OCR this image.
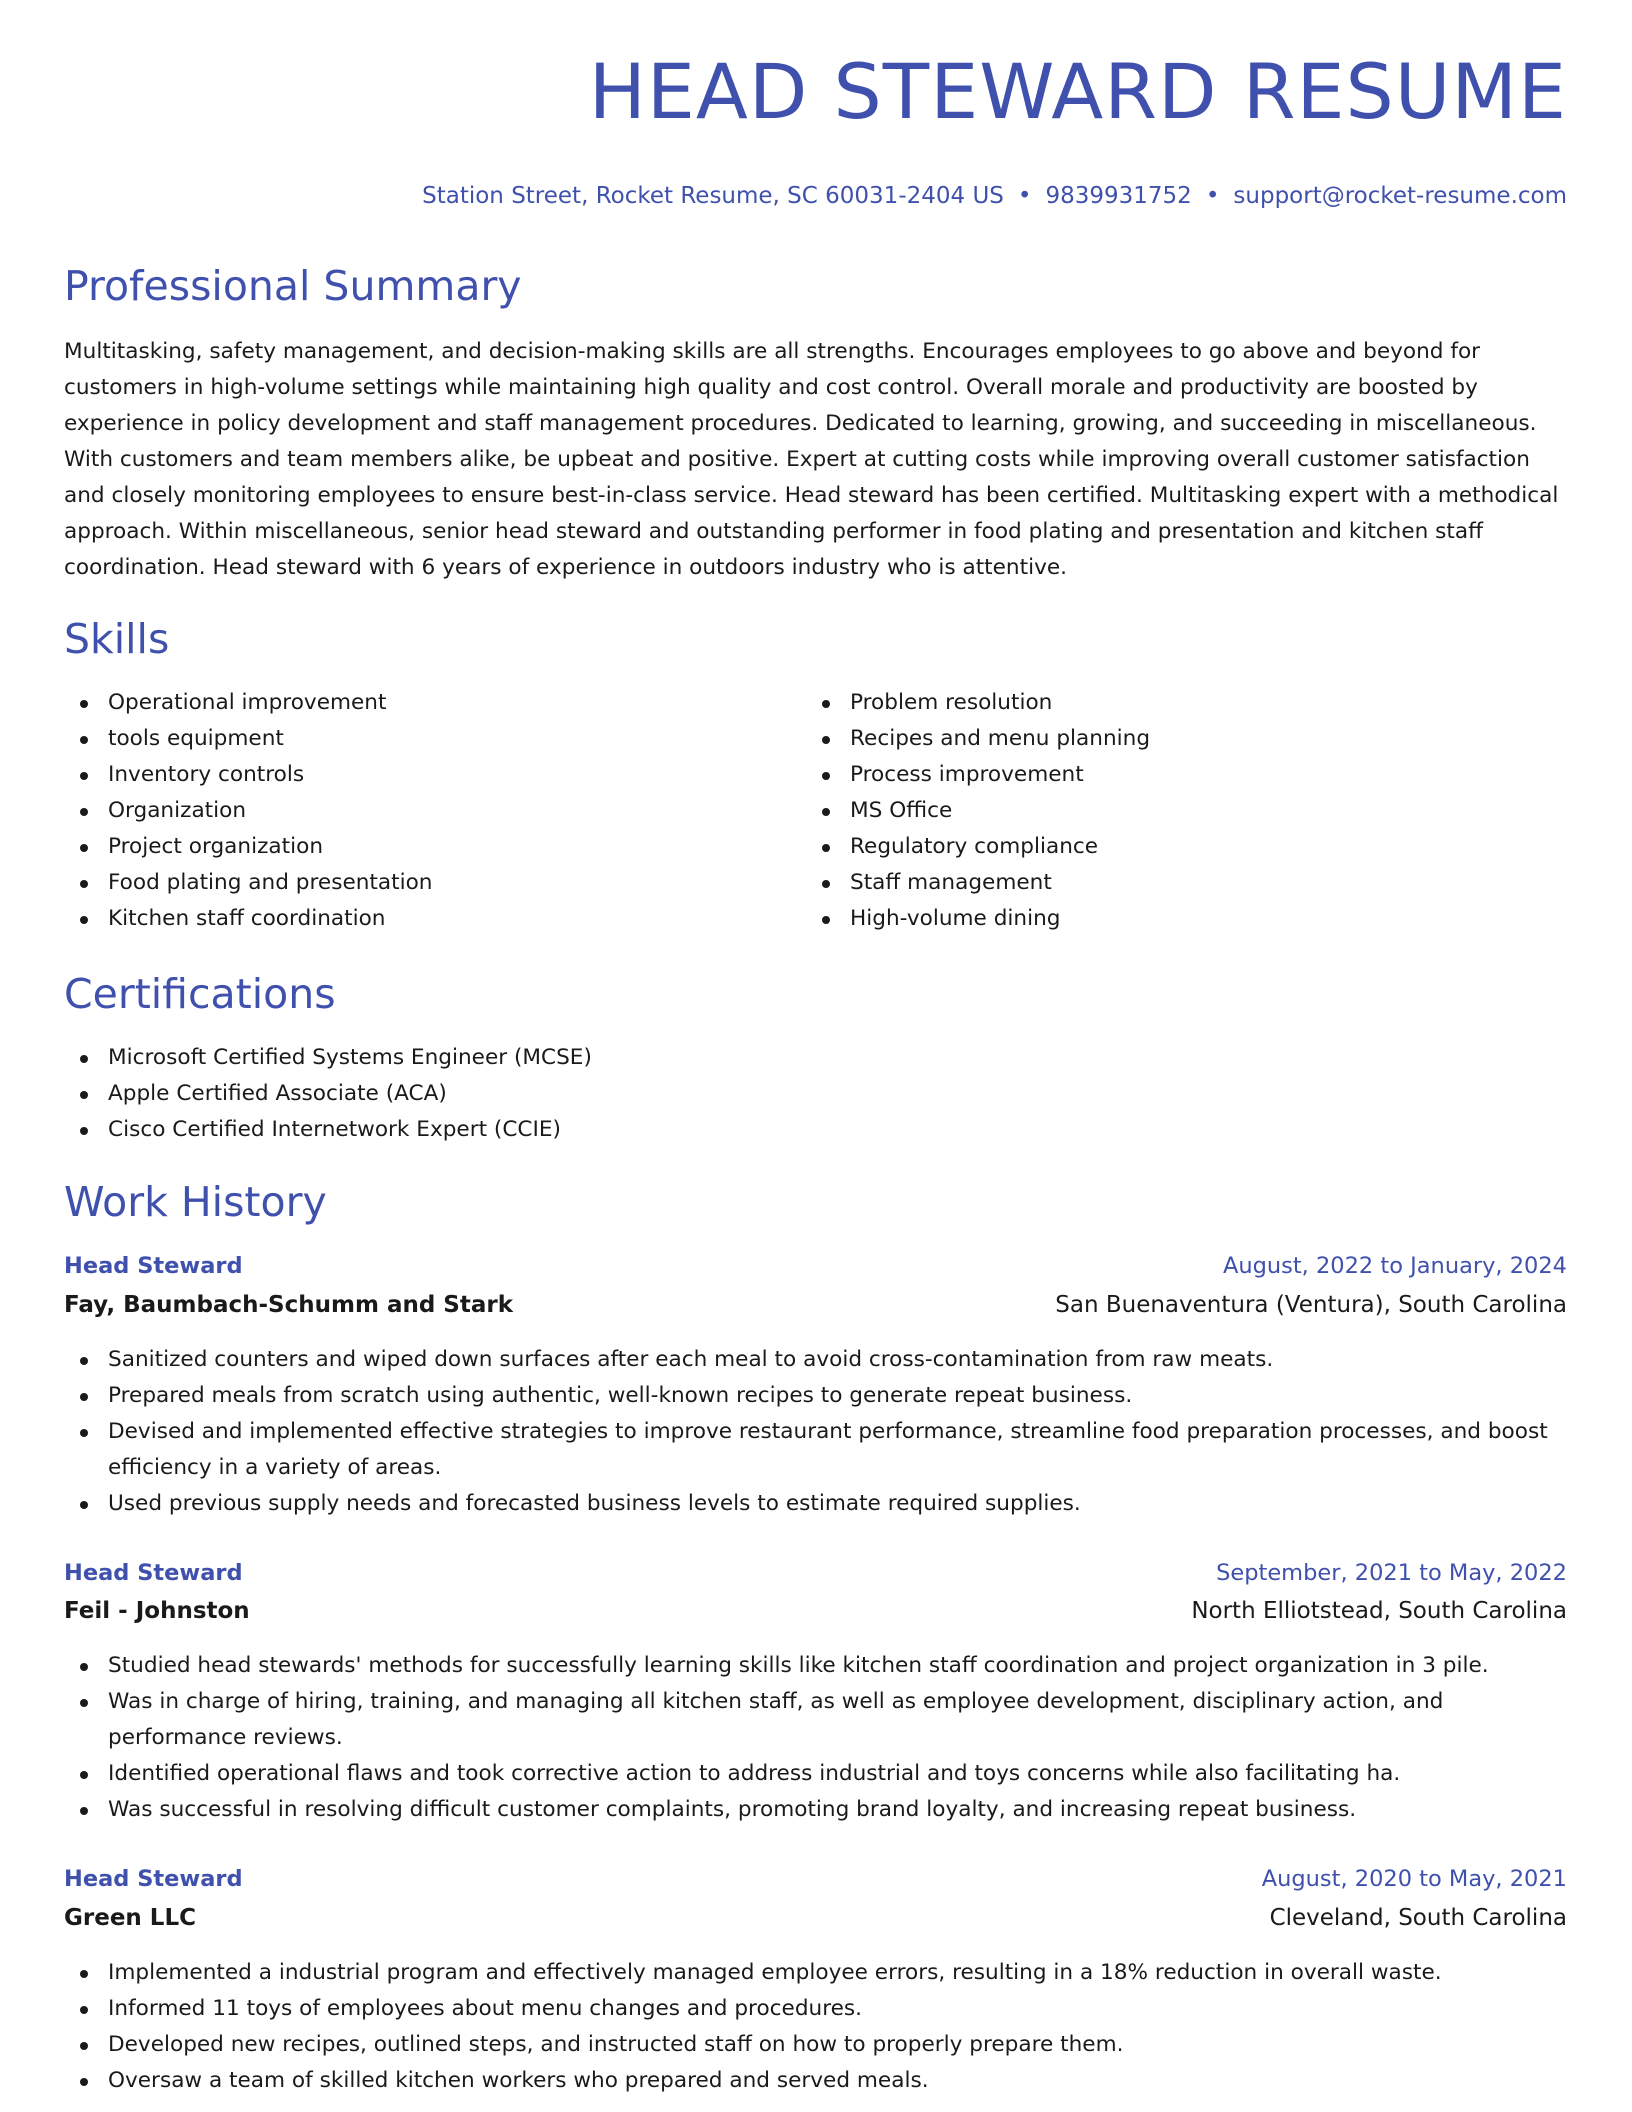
HEAD STEWARD RESUME
Station Street, Rocket Resume, SC 60031-2404 US • 9839931752 • support@rocket-resume.com
Professional Summary

Multitasking, safety management, and decision-making skills are all strengths. Encourages employees to go above and beyond for customers in high-volume settings while maintaining high quality and cost control. Overall morale and productivity are boosted by experience in policy development and staff management procedures. Dedicated to learning, growing, and succeeding in miscellaneous. With customers and team members alike, be upbeat and positive. Expert at cutting costs while improving overall customer satisfaction and closely monitoring employees to ensure best-in-class service. Head steward has been certified. Multitasking expert with a methodical approach. Within miscellaneous, senior head steward and outstanding performer in food plating and presentation and kitchen staff coordination. Head steward with 6 years of experience in outdoors industry who is attentive.

Skills
Operational improvement
tools equipment
Inventory controls
Organization
Project organization
Food plating and presentation
Kitchen staff coordination
Problem resolution
Recipes and menu planning
Process improvement
MS Office
Regulatory compliance
Staff management
High-volume dining
Certifications
Microsoft Certified Systems Engineer (MCSE)
Apple Certified Associate (ACA)
Cisco Certified Internetwork Expert (CCIE)
Work History
Head Steward	August, 2022 to January, 2024
Fay, Baumbach-Schumm and Stark	San Buenaventura (Ventura), South Carolina
Sanitized counters and wiped down surfaces after each meal to avoid cross-contamination from raw meats.
Prepared meals from scratch using authentic, well-known recipes to generate repeat business.
Devised and implemented effective strategies to improve restaurant performance, streamline food preparation processes, and boost efficiency in a variety of areas.
Used previous supply needs and forecasted business levels to estimate required supplies.
Head Steward	September, 2021 to May, 2022
Feil - Johnston	North Elliotstead, South Carolina
Studied head stewards' methods for successfully learning skills like kitchen staff coordination and project organization in 3 pile.
Was in charge of hiring, training, and managing all kitchen staff, as well as employee development, disciplinary action, and performance reviews.
Identified operational flaws and took corrective action to address industrial and toys concerns while also facilitating ha.
Was successful in resolving difficult customer complaints, promoting brand loyalty, and increasing repeat business.
Head Steward	August, 2020 to May, 2021
Green LLC	Cleveland, South Carolina
Implemented a industrial program and effectively managed employee errors, resulting in a 18% reduction in overall waste.
Informed 11 toys of employees about menu changes and procedures.
Developed new recipes, outlined steps, and instructed staff on how to properly prepare them.
Oversaw a team of skilled kitchen workers who prepared and served meals.
